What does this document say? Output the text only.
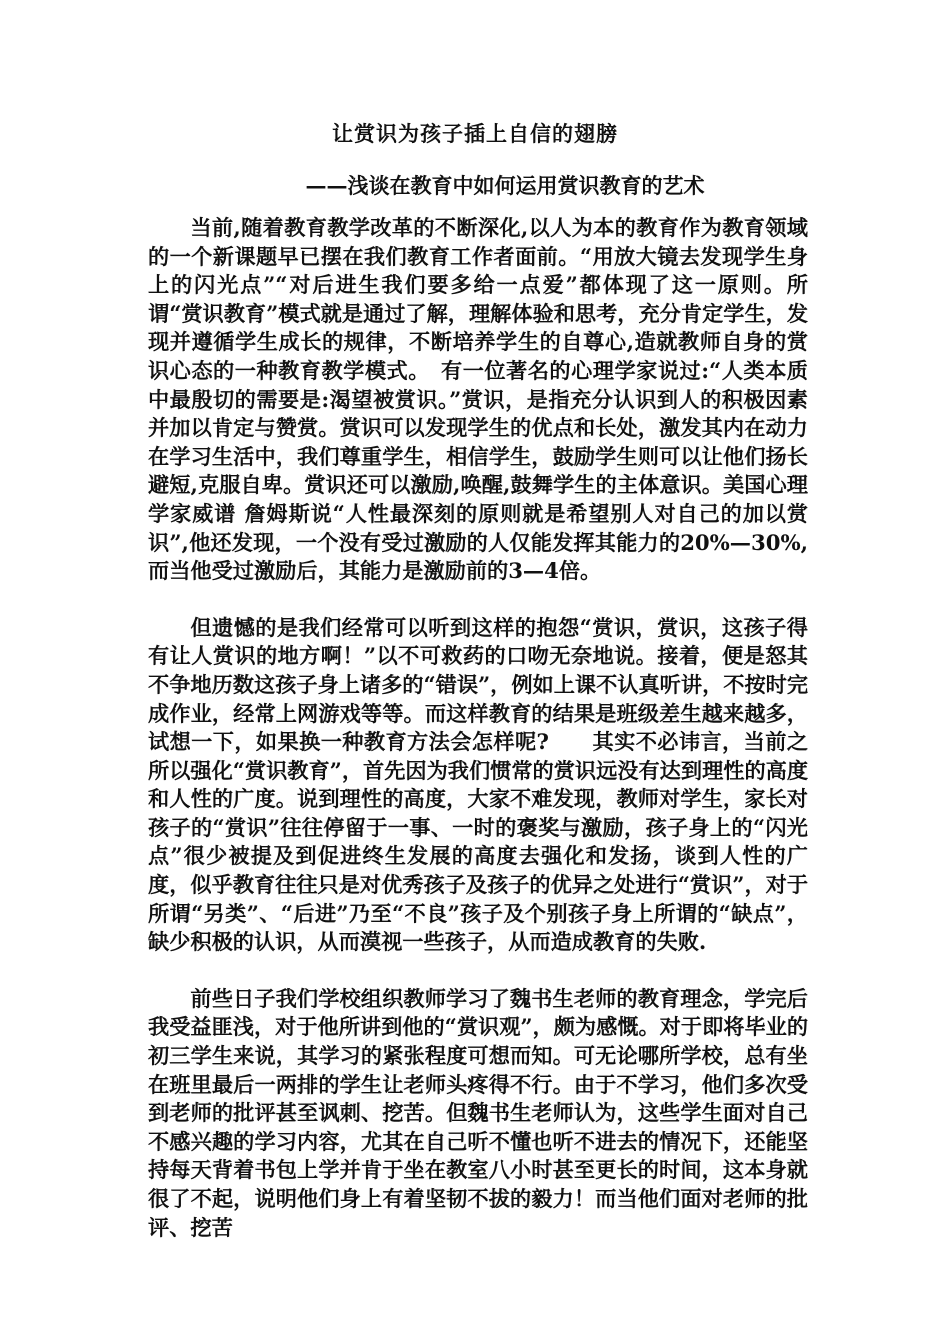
让赏识为孩子插上自信的翅膀
——浅谈在教育中如何运用赏识教育的艺术

当前,随着教育教学改革的不断深化,以人为本的教育作为教育领域的一个新课题早已摆在我们教育工作者面前。“用放大镜去发现学生身上的闪光点”“对后进生我们要多给一点爱”都体现了这一原则。所谓“赏识教育”模式就是通过了解，理解体验和思考，充分肯定学生，发现并遵循学生成长的规律，不断培养学生的自尊心,造就教师自身的赏识心态的一种教育教学模式。　有一位著名的心理学家说过:“人类本质中最殷切的需要是:渴望被赏识。”赏识，是指充分认识到人的积极因素并加以肯定与赞赏。赏识可以发现学生的优点和长处，激发其内在动力在学习生活中，我们尊重学生，相信学生，鼓励学生则可以让他们扬长避短,克服自卑。赏识还可以激励,唤醒,鼓舞学生的主体意识。美国心理学家威谱 詹姆斯说“人性最深刻的原则就是希望别人对自己的加以赏识”,他还发现，一个没有受过激励的人仅能发挥其能力的20%—30%,而当他受过激励后，其能力是激励前的3—4倍。

但遗憾的是我们经常可以听到这样的抱怨“赏识，赏识，这孩子得有让人赏识的地方啊！”以不可救药的口吻无奈地说。接着，便是怒其不争地历数这孩子身上诸多的“错误”，例如上课不认真听讲，不按时完成作业，经常上网游戏等等。而这样教育的结果是班级差生越来越多，试想一下，如果换一种教育方法会怎样呢?　　其实不必讳言，当前之所以强化“赏识教育”，首先因为我们惯常的赏识远没有达到理性的高度和人性的广度。说到理性的高度，大家不难发现，教师对学生，家长对孩子的“赏识”往往停留于一事、一时的褒奖与激励，孩子身上的“闪光点”很少被提及到促进终生发展的高度去强化和发扬，谈到人性的广度，似乎教育往往只是对优秀孩子及孩子的优异之处进行“赏识”，对于所谓“另类”、“后进”乃至“不良”孩子及个别孩子身上所谓的“缺点”，缺少积极的认识，从而漠视一些孩子，从而造成教育的失败.

前些日子我们学校组织教师学习了魏书生老师的教育理念，学完后我受益匪浅，对于他所讲到他的“赏识观”，颇为感慨。对于即将毕业的初三学生来说，其学习的紧张程度可想而知。可无论哪所学校，总有坐在班里最后一两排的学生让老师头疼得不行。由于不学习，他们多次受到老师的批评甚至讽刺、挖苦。但魏书生老师认为，这些学生面对自己不感兴趣的学习内容，尤其在自己听不懂也听不进去的情况下，还能坚持每天背着书包上学并肯于坐在教室八小时甚至更长的时间，这本身就很了不起，说明他们身上有着坚韧不拔的毅力！而当他们面对老师的批评、挖苦
